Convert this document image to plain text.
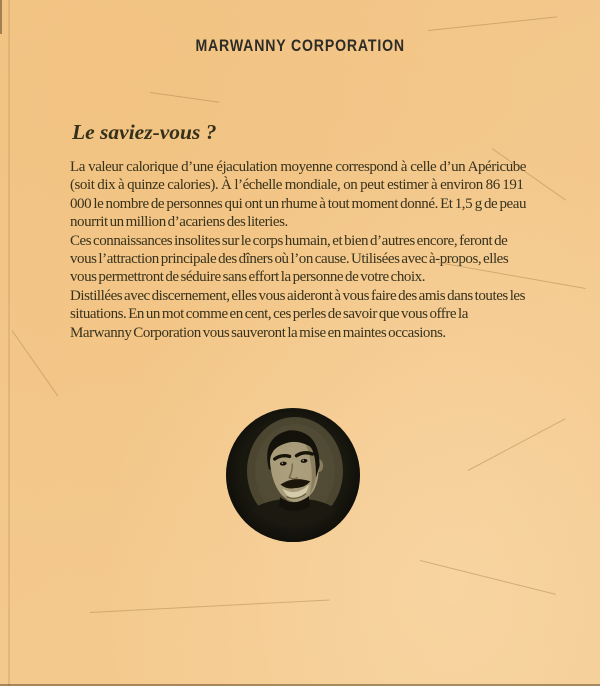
MARWANNY CORPORATION
Le saviez-vous ?

La valeur calorique d’une éjaculation moyenne correspond à celle d’un Apéricube (soit dix à quinze calories). À l’échelle mondiale, on peut estimer à environ 86 191 000 le nombre de personnes qui ont un rhume à tout moment donné. Et 1,5 g de peau nourrit un million d’acariens des literies.

Ces connaissances insolites sur le corps humain, et bien d’autres encore, feront de vous l’attraction principale des dîners où l’on cause. Utilisées avec à-propos, elles vous permettront de séduire sans effort la personne de votre choix.

Distillées avec discernement, elles vous aideront à vous faire des amis dans toutes les situations. En un mot comme en cent, ces perles de savoir que vous offre la Marwanny Corporation vous sauveront la mise en maintes occasions.
